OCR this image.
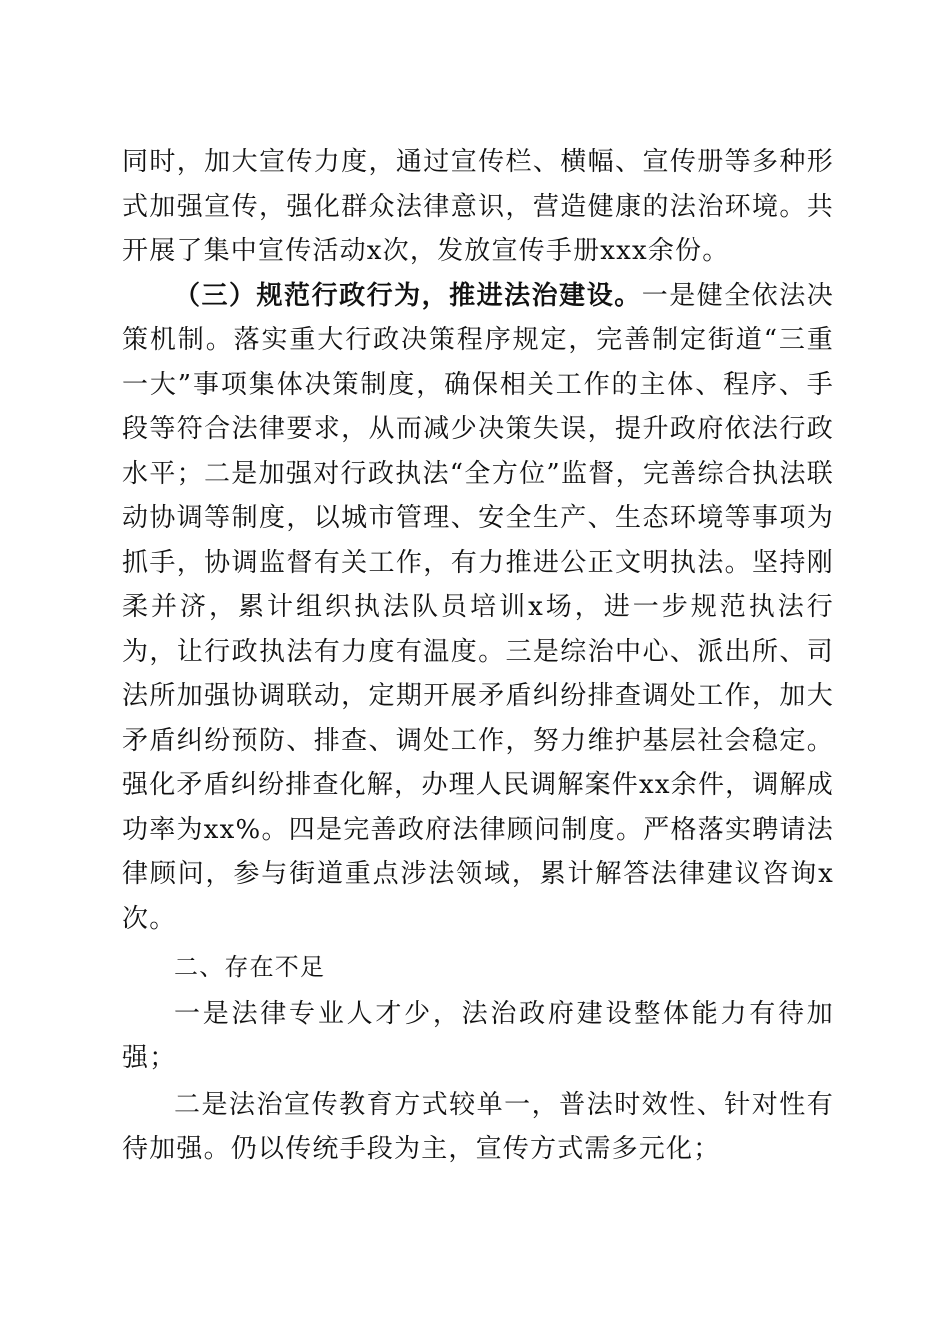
同时，加大宣传力度，通过宣传栏、横幅、宣传册等多种形式加强宣传，强化群众法律意识，营造健康的法治环境。共开展了集中宣传活动x次，发放宣传手册xxx余份。

（三）规范行政行为，推进法治建设。一是健全依法决策机制。落实重大行政决策程序规定，完善制定街道“三重一大”事项集体决策制度，确保相关工作的主体、程序、手段等符合法律要求，从而减少决策失误，提升政府依法行政水平；二是加强对行政执法“全方位”监督，完善综合执法联动协调等制度，以城市管理、安全生产、生态环境等事项为抓手，协调监督有关工作，有力推进公正文明执法。坚持刚柔并济，累计组织执法队员培训x场，进一步规范执法行为，让行政执法有力度有温度。三是综治中心、派出所、司法所加强协调联动，定期开展矛盾纠纷排查调处工作，加大矛盾纠纷预防、排查、调处工作，努力维护基层社会稳定。强化矛盾纠纷排查化解，办理人民调解案件xx余件，调解成功率为xx%。四是完善政府法律顾问制度。严格落实聘请法律顾问，参与街道重点涉法领域，累计解答法律建议咨询x次。

二、存在不足

一是法律专业人才少，法治政府建设整体能力有待加强；

二是法治宣传教育方式较单一，普法时效性、针对性有待加强。仍以传统手段为主，宣传方式需多元化；
